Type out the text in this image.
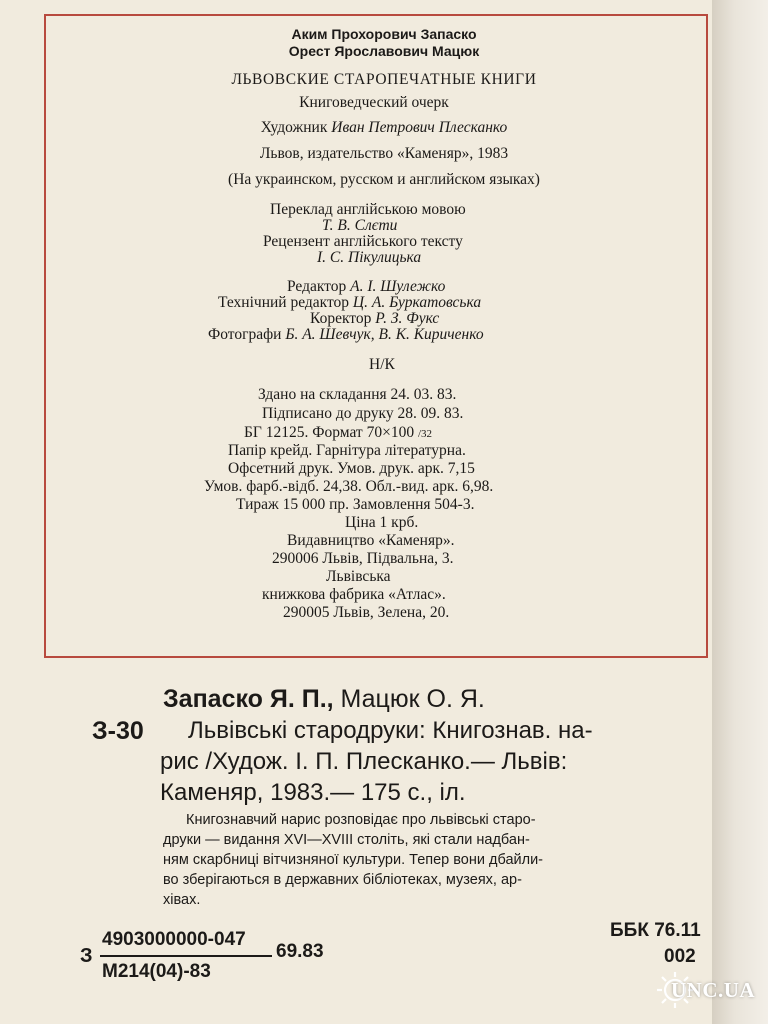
Аким Прохорович Запаско
Орест Ярославович Мацюк
ЛЬВОВСКИЕ СТАРОПЕЧАТНЫЕ КНИГИ
Книговедческий очерк
Художник Иван Петрович Плесканко
Львов, издательство «Каменяр», 1983
(На украинском, русском и английском языках)
Переклад англійською мовою
Т. В. Слєти
Рецензент англійського тексту
І. С. Пікулицька
Редактор А. І. Шулежко
Технічний редактор Ц. А. Буркатовська
Коректор Р. З. Фукс
Фотографи Б. А. Шевчук, В. К. Кириченко
Н/К
Здано на складання 24. 03. 83.
Підписано до друку 28. 09. 83.
БГ 12125. Формат 70×100 /32
Папір крейд. Гарнітура літературна.
Офсетний друк. Умов. друк. арк. 7,15
Умов. фарб.-відб. 24,38. Обл.-вид. арк. 6,98.
Тираж 15 000 пр. Замовлення 504-3.
Ціна 1 крб.
Видавництво «Каменяр».
290006 Львів, Підвальна, 3.
Львівська
книжкова фабрика «Атлас».
290005 Львів, Зелена, 20.
Запаско Я. П., Мацюк О. Я.
З-30 Львівські стародруки: Книгознав. на-
рис /Худож. І. П. Плесканко.— Львів:
Каменяр, 1983.— 175 с., іл.
Книгознавчий нарис розповідає про львівські старо-
друки — видання XVI—XVIII століть, які стали надбан-
ням скарбниці вітчизняної культури. Тепер вони дбайли-
во зберігаються в державних бібліотеках, музеях, ар-
хівах.
З
4903000000-047
М214(04)-83
69.83
ББК 76.11
002
UNC.UA
